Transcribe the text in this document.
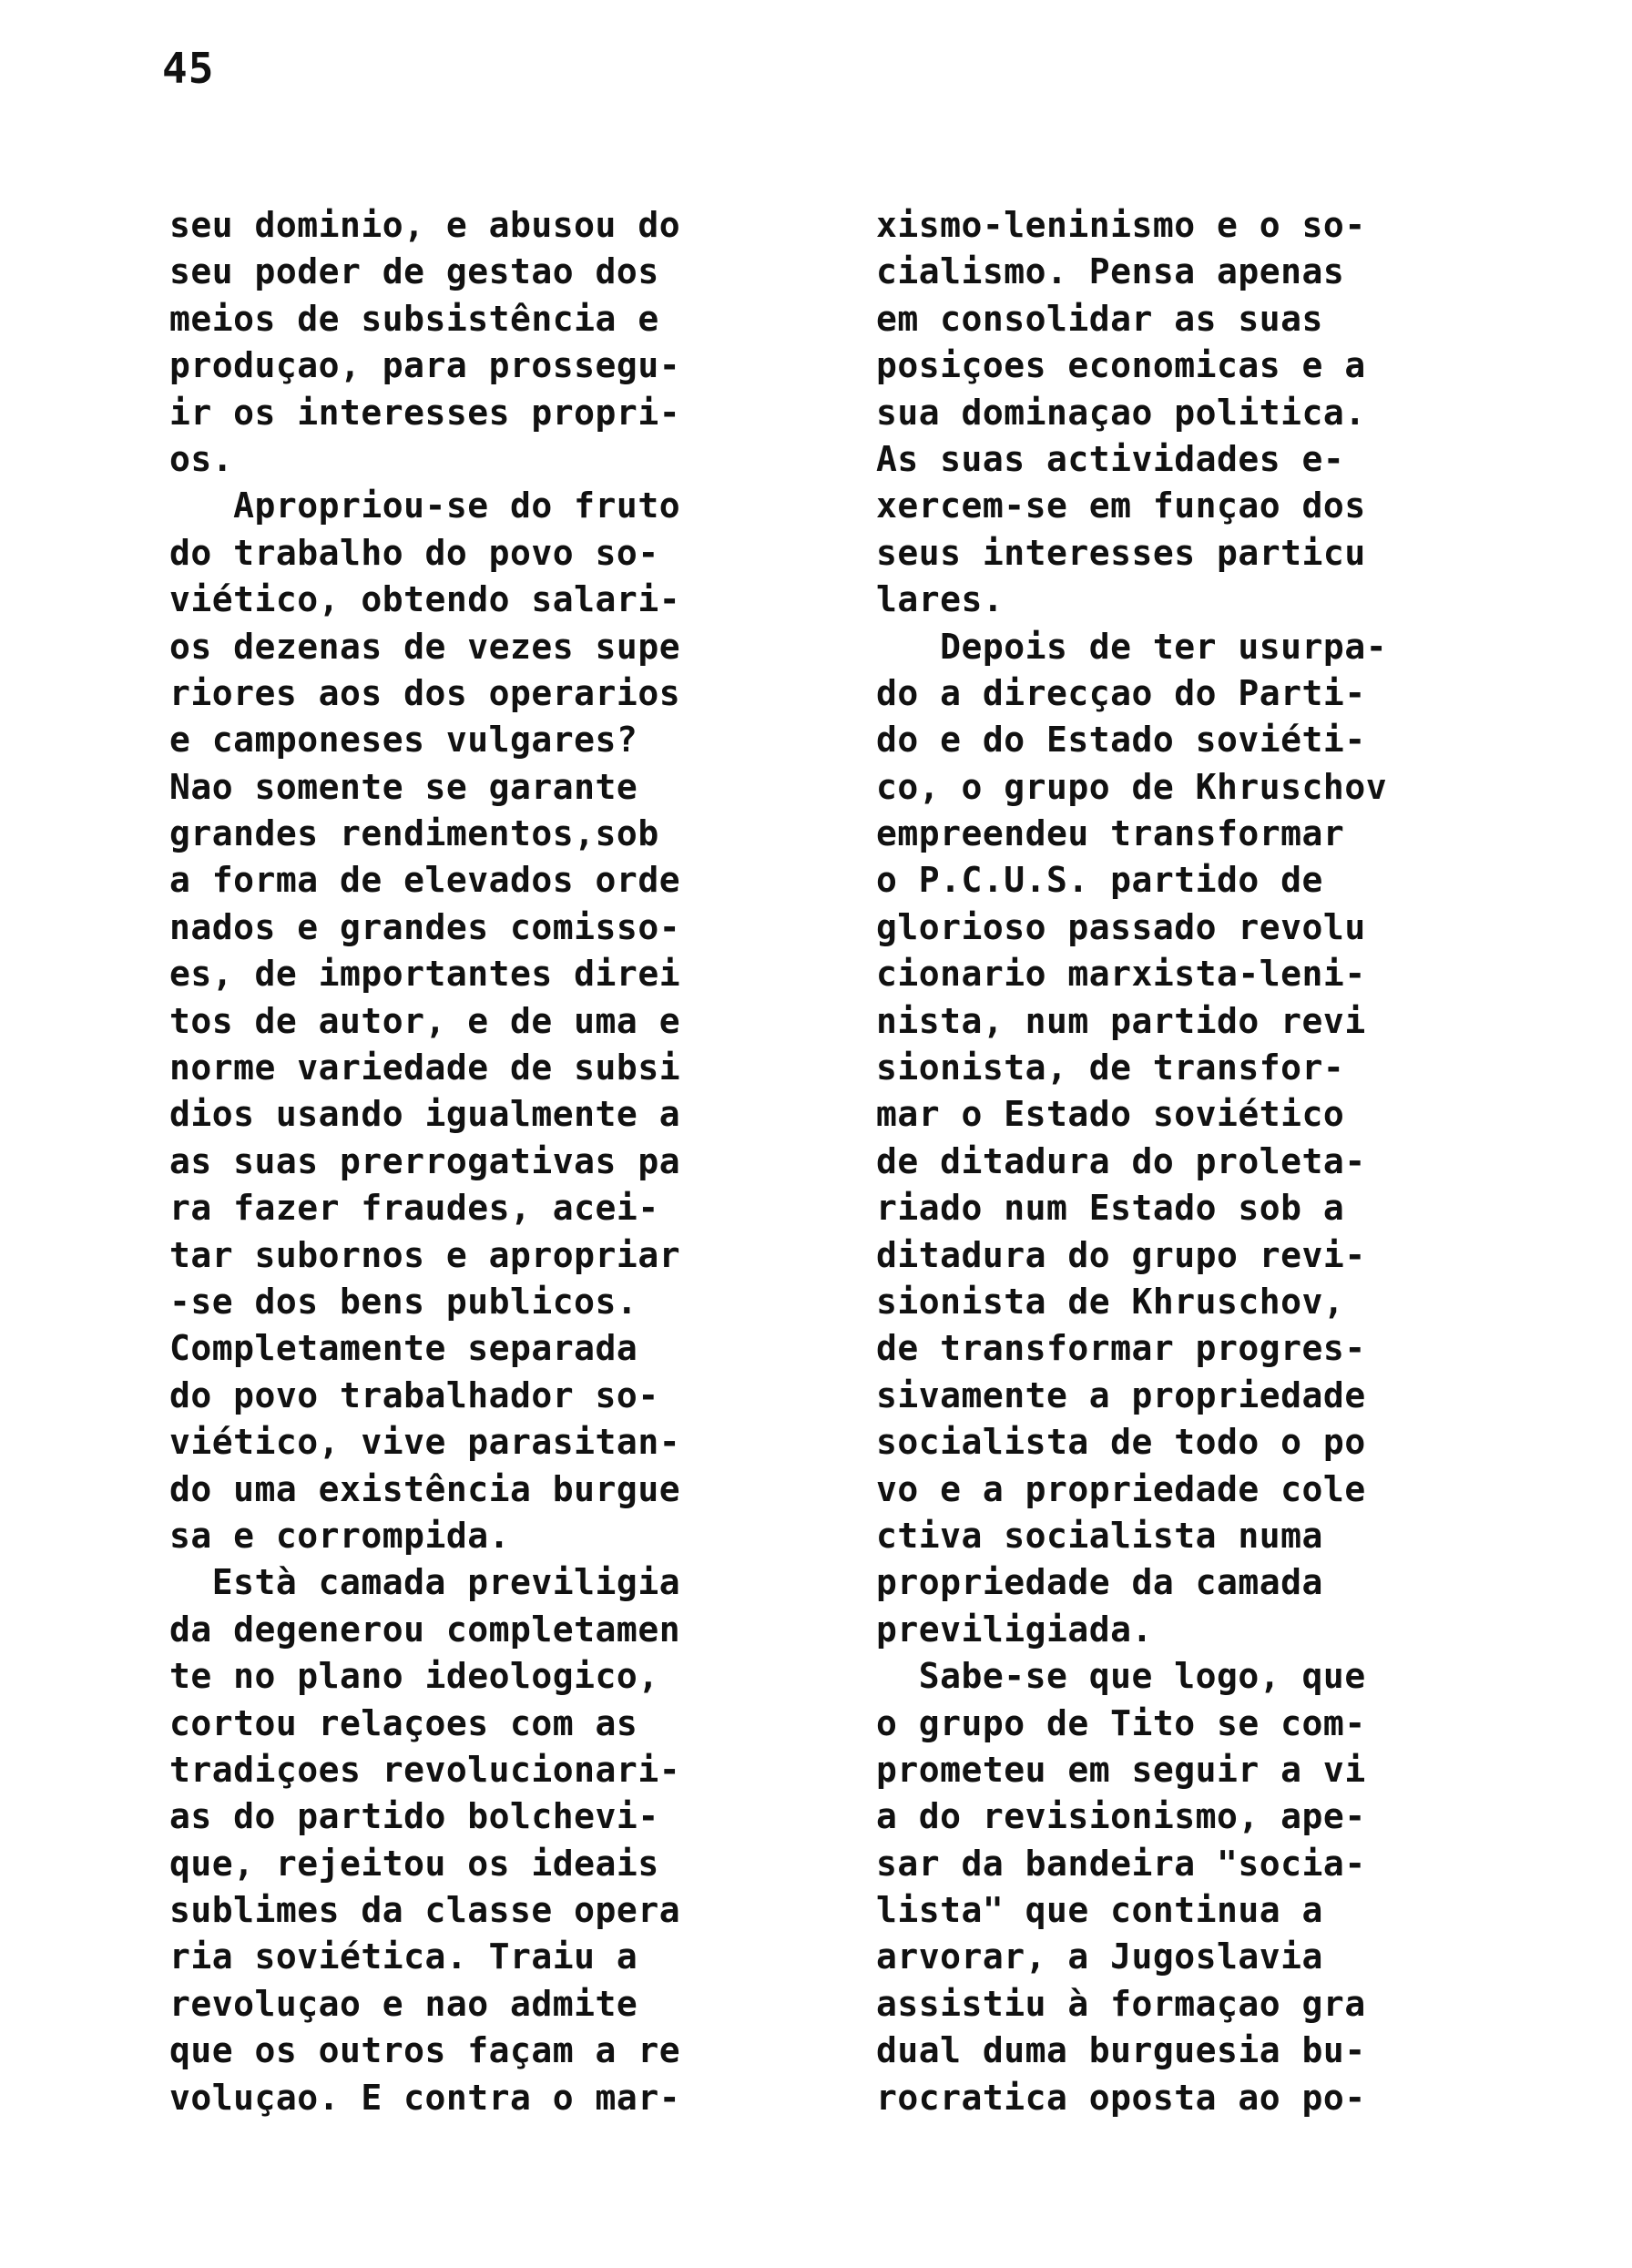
45
seu dominio, e abusou do
seu poder de gestao dos
meios de subsistência e
produçao, para prossegu-
ir os interesses propri-
os.
Apropriou-se do fruto
do trabalho do povo so-
viético, obtendo salari-
os dezenas de vezes supe
riores aos dos operarios
e camponeses vulgares?
Nao somente se garante
grandes rendimentos,sob
a forma de elevados orde
nados e grandes comisso-
es, de importantes direi
tos de autor, e de uma e
norme variedade de subsi
dios usando igualmente a
as suas prerrogativas pa
ra fazer fraudes, acei-
tar subornos e apropriar
-se dos bens publicos.
Completamente separada
do povo trabalhador so-
viético, vive parasitan-
do uma existência burgue
sa e corrompida.
Està camada previligia
da degenerou completamen
te no plano ideologico,
cortou relaçoes com as
tradiçoes revolucionari-
as do partido bolchevi-
que, rejeitou os ideais
sublimes da classe opera
ria soviética. Traiu a
revoluçao e nao admite
que os outros façam a re
voluçao. E contra o mar-
xismo-leninismo e o so-
cialismo. Pensa apenas
em consolidar as suas
posiçoes economicas e a
sua dominaçao politica.
As suas actividades e-
xercem-se em funçao dos
seus interesses particu
lares.
Depois de ter usurpa-
do a direcçao do Parti-
do e do Estado soviéti-
co, o grupo de Khruschov
empreendeu transformar
o P.C.U.S. partido de
glorioso passado revolu
cionario marxista-leni-
nista, num partido revi
sionista, de transfor-
mar o Estado soviético
de ditadura do proleta-
riado num Estado sob a
ditadura do grupo revi-
sionista de Khruschov,
de transformar progres-
sivamente a propriedade
socialista de todo o po
vo e a propriedade cole
ctiva socialista numa
propriedade da camada
previligiada.
Sabe-se que logo, que
o grupo de Tito se com-
prometeu em seguir a vi
a do revisionismo, ape-
sar da bandeira "socia-
lista" que continua a
arvorar, a Jugoslavia
assistiu à formaçao gra
dual duma burguesia bu-
rocratica oposta ao po-
